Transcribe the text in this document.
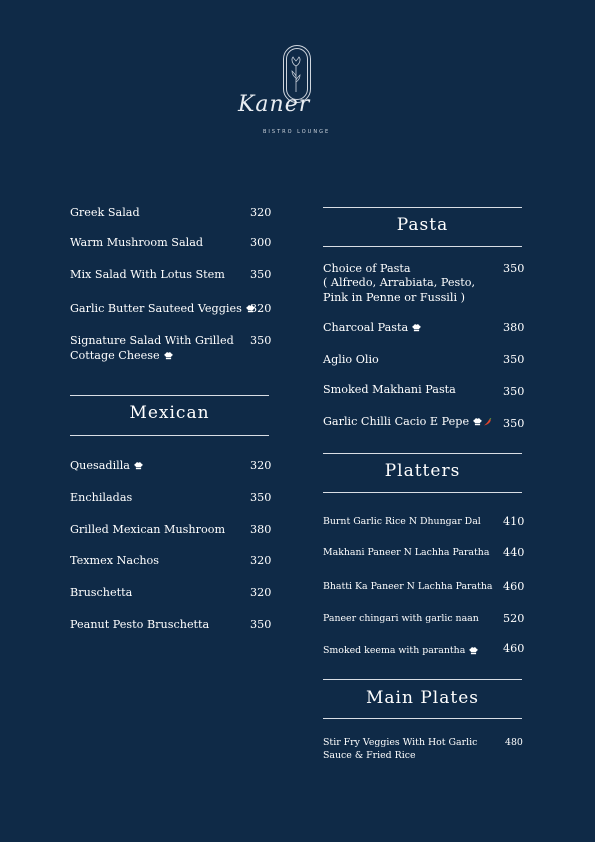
Kaner
BISTRO LOUNGE
Greek Salad	320
Warm Mushroom Salad	300
Mix Salad With Lotus Stem 350
Garlic Butter Sauteed Veggies 320
Signature Salad With Grilled
Cottage Cheese
350
Mexican
Quesadilla	320
Enchiladas	350
Grilled Mexican Mushroom 380
Texmex Nachos	320
Bruschetta	320
Peanut Pesto Bruschetta	350
Pasta
Choice of Pasta
( Alfredo, Arrabiata, Pesto,
Pink in Penne or Fussili )
350
Charcoal Pasta	380
Aglio Olio	350
Smoked Makhani Pasta	350
Garlic Chilli Cacio E Pepe	350
Platters
Burnt Garlic Rice N Dhungar Dal 410
Makhani Paneer N Lachha Paratha 440
Bhatti Ka Paneer N Lachha Paratha 460
Paneer chingari with garlic naan 520
Smoked keema with parantha	460
Main Plates
Stir Fry Veggies With Hot Garlic
Sauce & Fried Rice
480
